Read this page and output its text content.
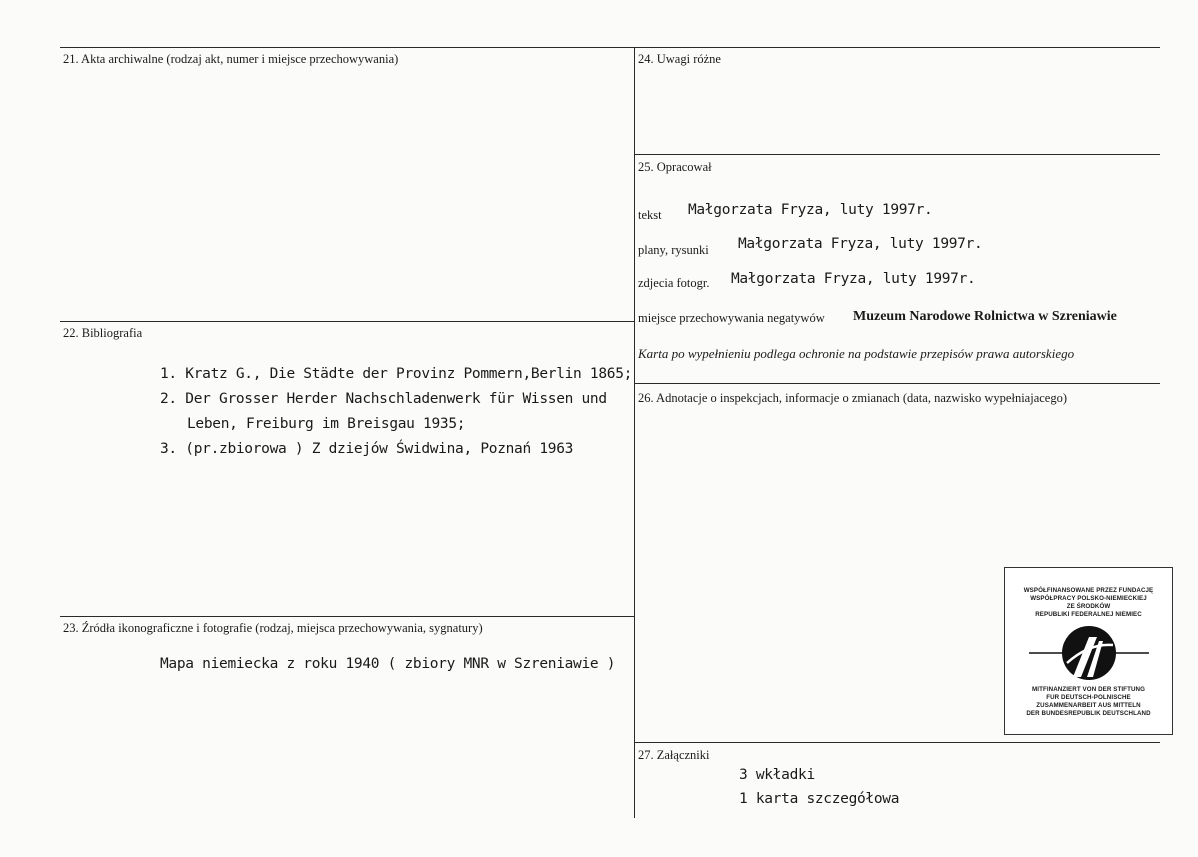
21. Akta archiwalne (rodzaj akt, numer i miejsce przechowywania)
22. Bibliografia
1. Kratz G., Die Städte der Provinz Pommern,Berlin 1865;
2. Der Grosser Herder Nachschladenwerk für Wissen und
Leben, Freiburg im Breisgau 1935;
3. (pr.zbiorowa ) Z dziejów Świdwina, Poznań 1963
23. Źródła ikonograficzne i fotografie (rodzaj, miejsca przechowywania, sygnatury)
Mapa niemiecka z roku 1940 ( zbiory MNR w Szreniawie )
24. Uwagi różne
25. Opracował
tekst Małgorzata Fryza, luty 1997r.
plany, rysunki Małgorzata Fryza, luty 1997r.
zdjecia fotogr. Małgorzata Fryza, luty 1997r.
miejsce przechowywania negatywów Muzeum Narodowe Rolnictwa w Szreniawie
Karta po wypełnieniu podlega ochronie na podstawie przepisów prawa autorskiego
26. Adnotacje o inspekcjach, informacje o zmianach (data, nazwisko wypełniajacego)
WSPÓŁFINANSOWANE PRZEZ FUNDACJĘ
WSPÓŁPRACY POLSKO-NIEMIECKIEJ
ZE ŚRODKÓW
REPUBLIKI FEDERALNEJ NIEMIEC
MITFINANZIERT VON DER STIFTUNG
FUR DEUTSCH-POLNISCHE
ZUSAMMENARBEIT AUS MITTELN
DER BUNDESREPUBLIK DEUTSCHLAND
27. Załączniki
3 wkładki
1 karta szczegółowa
